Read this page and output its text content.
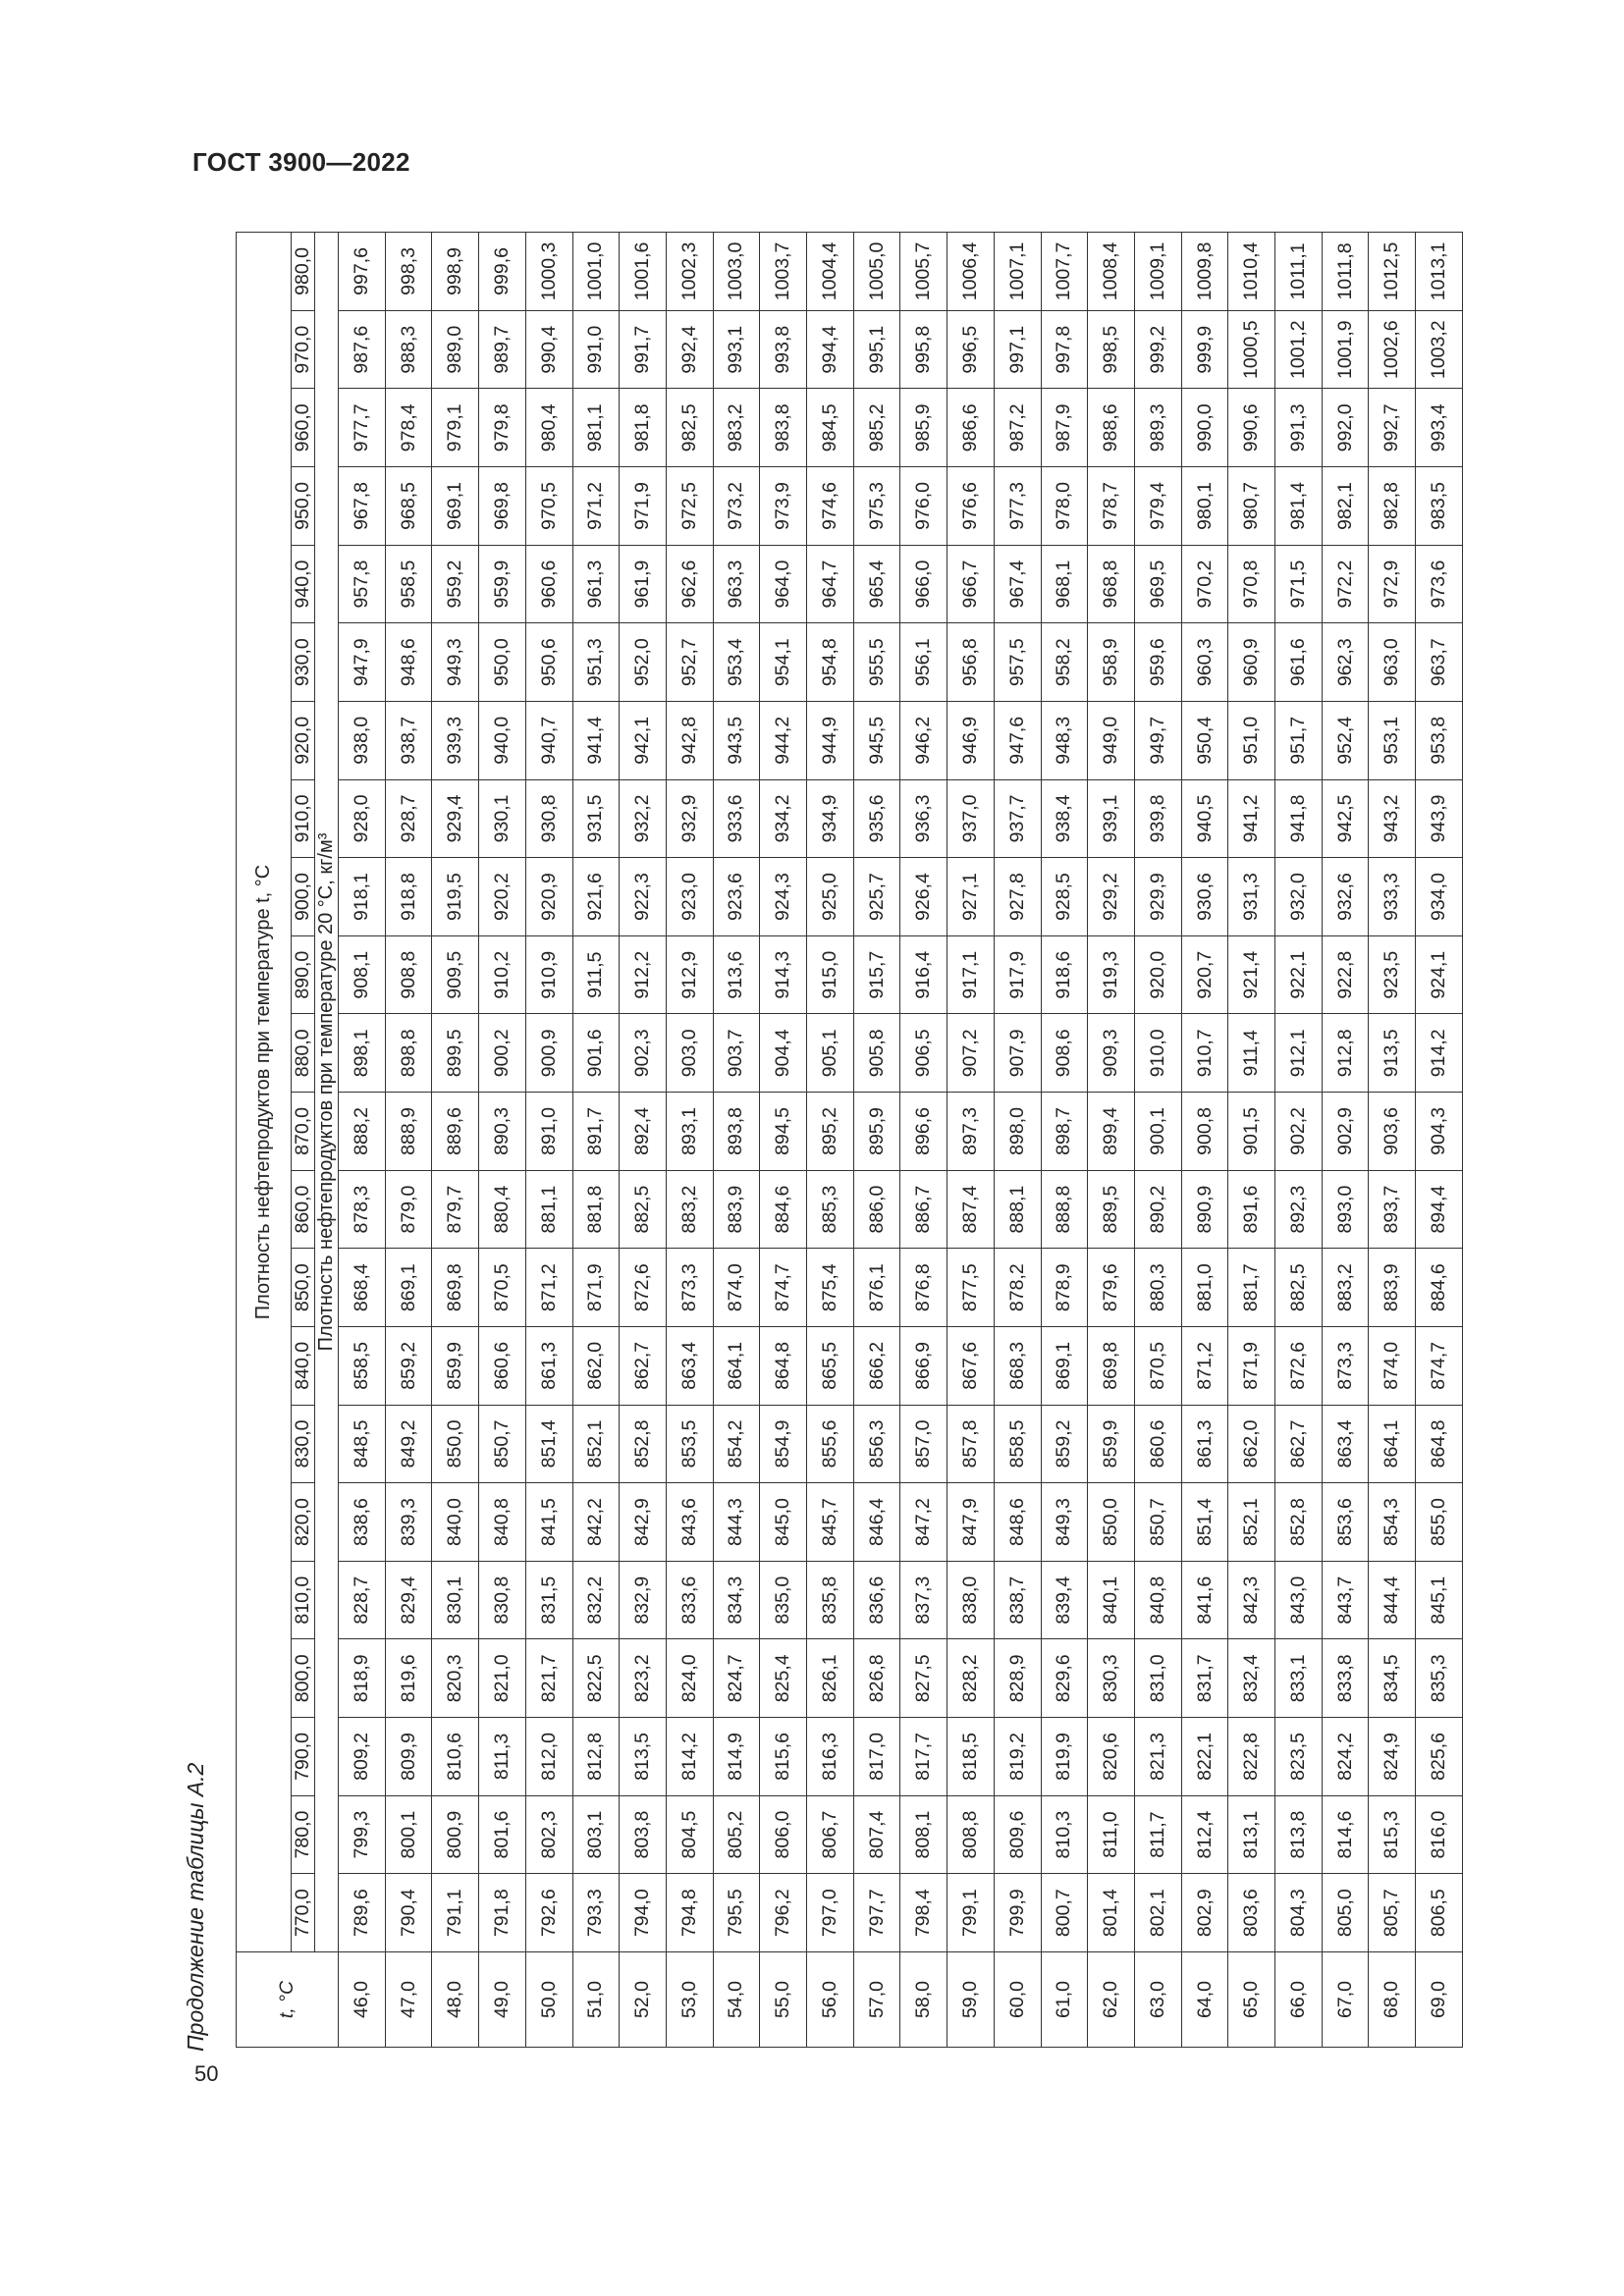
ГОСТ 3900—2022
Продолжение таблицы А.2
50
t, °C	Плотность нефтепродуктов при температуре t, °C																					
	770,0	780,0	790,0	800,0	810,0	820,0	830,0	840,0	850,0	860,0	870,0	880,0	890,0	900,0	910,0	920,0	930,0	940,0	950,0	960,0	970,0	980,0
	Плотность нефтепродуктов при температуре 20 °C, кг/м³																					
46,0	789,6	799,3	809,2	818,9	828,7	838,6	848,5	858,5	868,4	878,3	888,2	898,1	908,1	918,1	928,0	938,0	947,9	957,8	967,8	977,7	987,6	997,6
47,0	790,4	800,1	809,9	819,6	829,4	839,3	849,2	859,2	869,1	879,0	888,9	898,8	908,8	918,8	928,7	938,7	948,6	958,5	968,5	978,4	988,3	998,3
48,0	791,1	800,9	810,6	820,3	830,1	840,0	850,0	859,9	869,8	879,7	889,6	899,5	909,5	919,5	929,4	939,3	949,3	959,2	969,1	979,1	989,0	998,9
49,0	791,8	801,6	811,3	821,0	830,8	840,8	850,7	860,6	870,5	880,4	890,3	900,2	910,2	920,2	930,1	940,0	950,0	959,9	969,8	979,8	989,7	999,6
50,0	792,6	802,3	812,0	821,7	831,5	841,5	851,4	861,3	871,2	881,1	891,0	900,9	910,9	920,9	930,8	940,7	950,6	960,6	970,5	980,4	990,4	1000,3
51,0	793,3	803,1	812,8	822,5	832,2	842,2	852,1	862,0	871,9	881,8	891,7	901,6	911,5	921,6	931,5	941,4	951,3	961,3	971,2	981,1	991,0	1001,0
52,0	794,0	803,8	813,5	823,2	832,9	842,9	852,8	862,7	872,6	882,5	892,4	902,3	912,2	922,3	932,2	942,1	952,0	961,9	971,9	981,8	991,7	1001,6
53,0	794,8	804,5	814,2	824,0	833,6	843,6	853,5	863,4	873,3	883,2	893,1	903,0	912,9	923,0	932,9	942,8	952,7	962,6	972,5	982,5	992,4	1002,3
54,0	795,5	805,2	814,9	824,7	834,3	844,3	854,2	864,1	874,0	883,9	893,8	903,7	913,6	923,6	933,6	943,5	953,4	963,3	973,2	983,2	993,1	1003,0
55,0	796,2	806,0	815,6	825,4	835,0	845,0	854,9	864,8	874,7	884,6	894,5	904,4	914,3	924,3	934,2	944,2	954,1	964,0	973,9	983,8	993,8	1003,7
56,0	797,0	806,7	816,3	826,1	835,8	845,7	855,6	865,5	875,4	885,3	895,2	905,1	915,0	925,0	934,9	944,9	954,8	964,7	974,6	984,5	994,4	1004,4
57,0	797,7	807,4	817,0	826,8	836,6	846,4	856,3	866,2	876,1	886,0	895,9	905,8	915,7	925,7	935,6	945,5	955,5	965,4	975,3	985,2	995,1	1005,0
58,0	798,4	808,1	817,7	827,5	837,3	847,2	857,0	866,9	876,8	886,7	896,6	906,5	916,4	926,4	936,3	946,2	956,1	966,0	976,0	985,9	995,8	1005,7
59,0	799,1	808,8	818,5	828,2	838,0	847,9	857,8	867,6	877,5	887,4	897,3	907,2	917,1	927,1	937,0	946,9	956,8	966,7	976,6	986,6	996,5	1006,4
60,0	799,9	809,6	819,2	828,9	838,7	848,6	858,5	868,3	878,2	888,1	898,0	907,9	917,9	927,8	937,7	947,6	957,5	967,4	977,3	987,2	997,1	1007,1
61,0	800,7	810,3	819,9	829,6	839,4	849,3	859,2	869,1	878,9	888,8	898,7	908,6	918,6	928,5	938,4	948,3	958,2	968,1	978,0	987,9	997,8	1007,7
62,0	801,4	811,0	820,6	830,3	840,1	850,0	859,9	869,8	879,6	889,5	899,4	909,3	919,3	929,2	939,1	949,0	958,9	968,8	978,7	988,6	998,5	1008,4
63,0	802,1	811,7	821,3	831,0	840,8	850,7	860,6	870,5	880,3	890,2	900,1	910,0	920,0	929,9	939,8	949,7	959,6	969,5	979,4	989,3	999,2	1009,1
64,0	802,9	812,4	822,1	831,7	841,6	851,4	861,3	871,2	881,0	890,9	900,8	910,7	920,7	930,6	940,5	950,4	960,3	970,2	980,1	990,0	999,9	1009,8
65,0	803,6	813,1	822,8	832,4	842,3	852,1	862,0	871,9	881,7	891,6	901,5	911,4	921,4	931,3	941,2	951,0	960,9	970,8	980,7	990,6	1000,5	1010,4
66,0	804,3	813,8	823,5	833,1	843,0	852,8	862,7	872,6	882,5	892,3	902,2	912,1	922,1	932,0	941,8	951,7	961,6	971,5	981,4	991,3	1001,2	1011,1
67,0	805,0	814,6	824,2	833,8	843,7	853,6	863,4	873,3	883,2	893,0	902,9	912,8	922,8	932,6	942,5	952,4	962,3	972,2	982,1	992,0	1001,9	1011,8
68,0	805,7	815,3	824,9	834,5	844,4	854,3	864,1	874,0	883,9	893,7	903,6	913,5	923,5	933,3	943,2	953,1	963,0	972,9	982,8	992,7	1002,6	1012,5
69,0	806,5	816,0	825,6	835,3	845,1	855,0	864,8	874,7	884,6	894,4	904,3	914,2	924,1	934,0	943,9	953,8	963,7	973,6	983,5	993,4	1003,2	1013,1
